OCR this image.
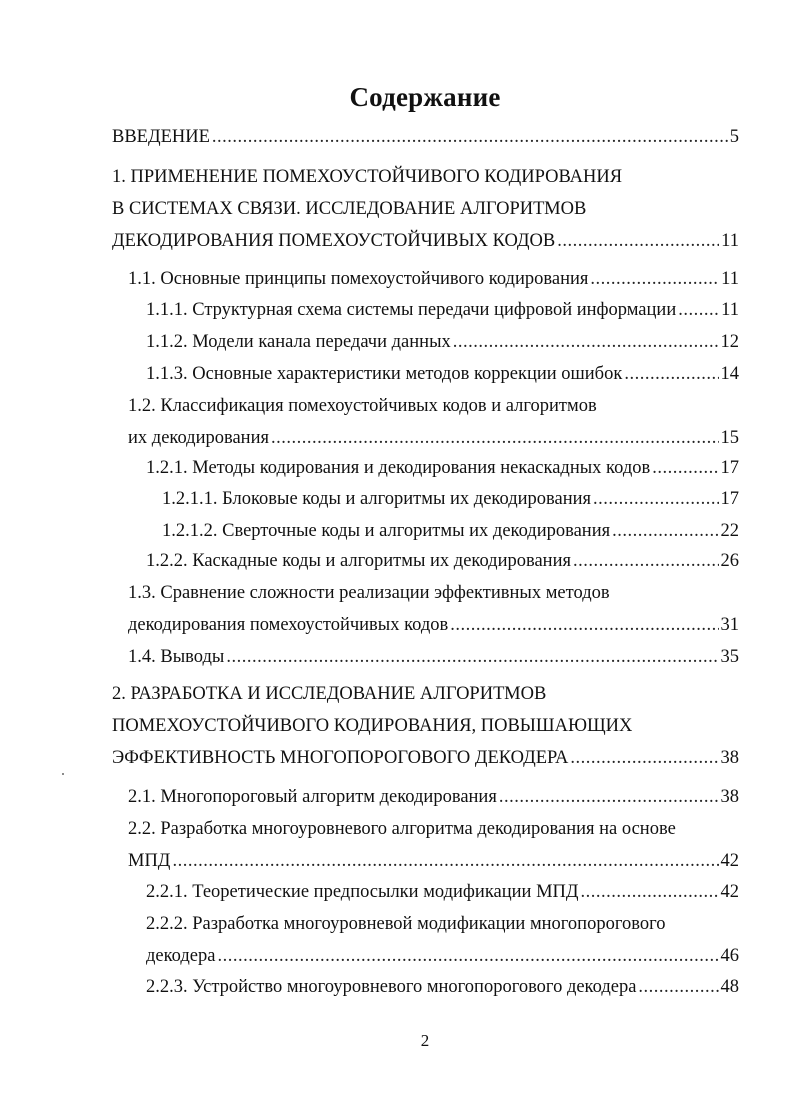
Содержание
ВВЕДЕНИЕ .....	5
1. ПРИМЕНЕНИЕ ПОМЕХОУСТОЙЧИВОГО КОДИРОВАНИЯ
В СИСТЕМАХ СВЯЗИ. ИССЛЕДОВАНИЕ АЛГОРИТМОВ
ДЕКОДИРОВАНИЯ ПОМЕХОУСТОЙЧИВЫХ КОДОВ .....	11
1.1. Основные принципы помехоустойчивого кодирования .....	11
1.1.1. Структурная схема системы передачи цифровой информации ..... 11
1.1.2. Модели канала передачи данных .....	12
1.1.3. Основные характеристики методов коррекции ошибок .....	14
1.2. Классификация помехоустойчивых кодов и алгоритмов
их декодирования .....	15
1.2.1. Методы кодирования и декодирования некаскадных кодов .....	17
1.2.1.1. Блоковые коды и алгоритмы их декодирования .....	17
1.2.1.2. Сверточные коды и алгоритмы их декодирования .....	22
1.2.2. Каскадные коды и алгоритмы их декодирования .....	26
1.3. Сравнение сложности реализации эффективных методов
декодирования помехоустойчивых кодов .....	31
1.4. Выводы .....	35
2. РАЗРАБОТКА И ИССЛЕДОВАНИЕ АЛГОРИТМОВ
ПОМЕХОУСТОЙЧИВОГО КОДИРОВАНИЯ, ПОВЫШАЮЩИХ
ЭФФЕКТИВНОСТЬ МНОГОПОРОГОВОГО ДЕКОДЕРА .....	38
2.1. Многопороговый алгоритм декодирования .....	38
2.2. Разработка многоуровневого алгоритма декодирования на основе
МПД .....	42
2.2.1. Теоретические предпосылки модификации МПД .....	42
2.2.2. Разработка многоуровневой модификации многопорогового
декодера .....	46
2.2.3. Устройство многоуровневого многопорогового декодера .....	48
2
